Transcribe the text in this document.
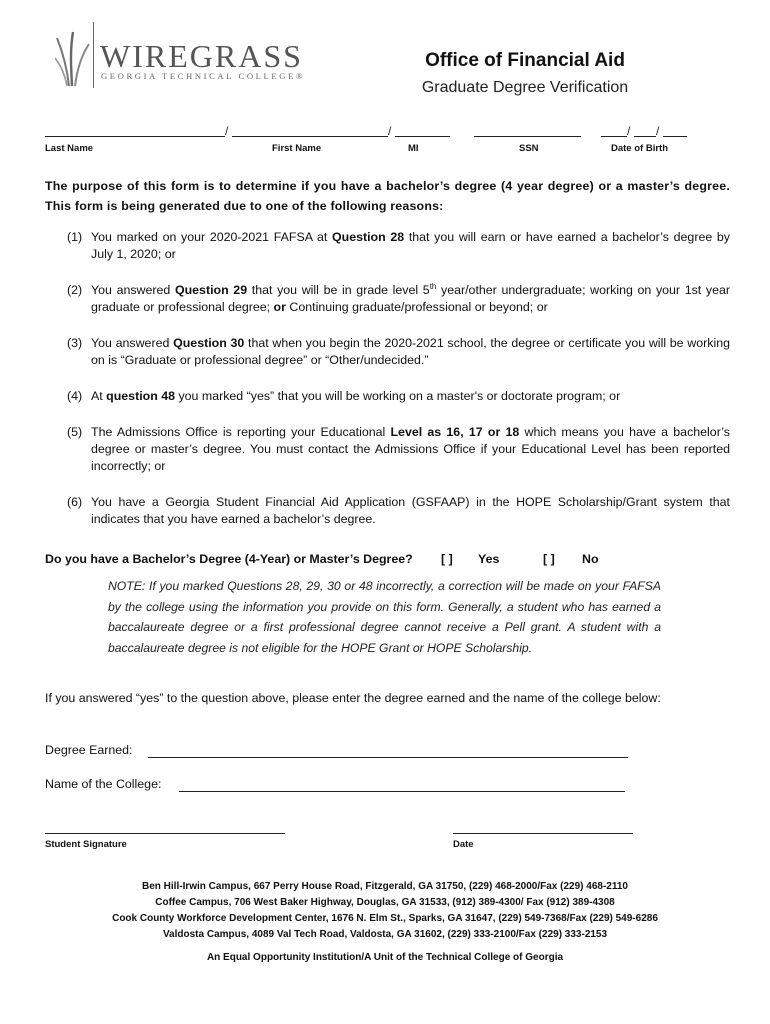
WIREGRASS
GEORGIA TECHNICAL COLLEGE®
Office of Financial Aid
Graduate Degree Verification
/	/	/ /
Last Name	First Name	MI	SSN	Date of Birth
The purpose of this form is to determine if you have a bachelor’s degree (4 year degree) or a master’s degree. This form is being generated due to one of the following reasons:
(1) You marked on your 2020-2021 FAFSA at Question 28 that you will earn or have earned a bachelor’s degree by July 1, 2020; or
(2) You answered Question 29 that you will be in grade level 5th year/other undergraduate; working on your 1st year graduate or professional degree; or Continuing graduate/professional or beyond; or
(3) You answered Question 30 that when you begin the 2020-2021 school, the degree or certificate you will be working on is “Graduate or professional degree” or “Other/undecided.”
(4) At question 48 you marked “yes” that you will be working on a master's or doctorate program; or
(5) The Admissions Office is reporting your Educational Level as 16, 17 or 18 which means you have a bachelor’s degree or master’s degree. You must contact the Admissions Office if your Educational Level has been reported incorrectly; or
(6) You have a Georgia Student Financial Aid Application (GSFAAP) in the HOPE Scholarship/Grant system that indicates that you have earned a bachelor’s degree.
Do you have a Bachelor’s Degree (4-Year) or Master’s Degree? [ ] Yes	[ ] No
NOTE: If you marked Questions 28, 29, 30 or 48 incorrectly, a correction will be made on your FAFSA by the college using the information you provide on this form. Generally, a student who has earned a baccalaureate degree or a first professional degree cannot receive a Pell grant. A student with a baccalaureate degree is not eligible for the HOPE Grant or HOPE Scholarship.
If you answered “yes” to the question above, please enter the degree earned and the name of the college below:
Degree Earned:
Name of the College:
Student Signature	Date
Ben Hill-Irwin Campus, 667 Perry House Road, Fitzgerald, GA 31750, (229) 468-2000/Fax (229) 468-2110
Coffee Campus, 706 West Baker Highway, Douglas, GA 31533, (912) 389-4300/ Fax (912) 389-4308
Cook County Workforce Development Center, 1676 N. Elm St., Sparks, GA 31647, (229) 549-7368/Fax (229) 549-6286
Valdosta Campus, 4089 Val Tech Road, Valdosta, GA 31602, (229) 333-2100/Fax (229) 333-2153
An Equal Opportunity Institution/A Unit of the Technical College of Georgia
